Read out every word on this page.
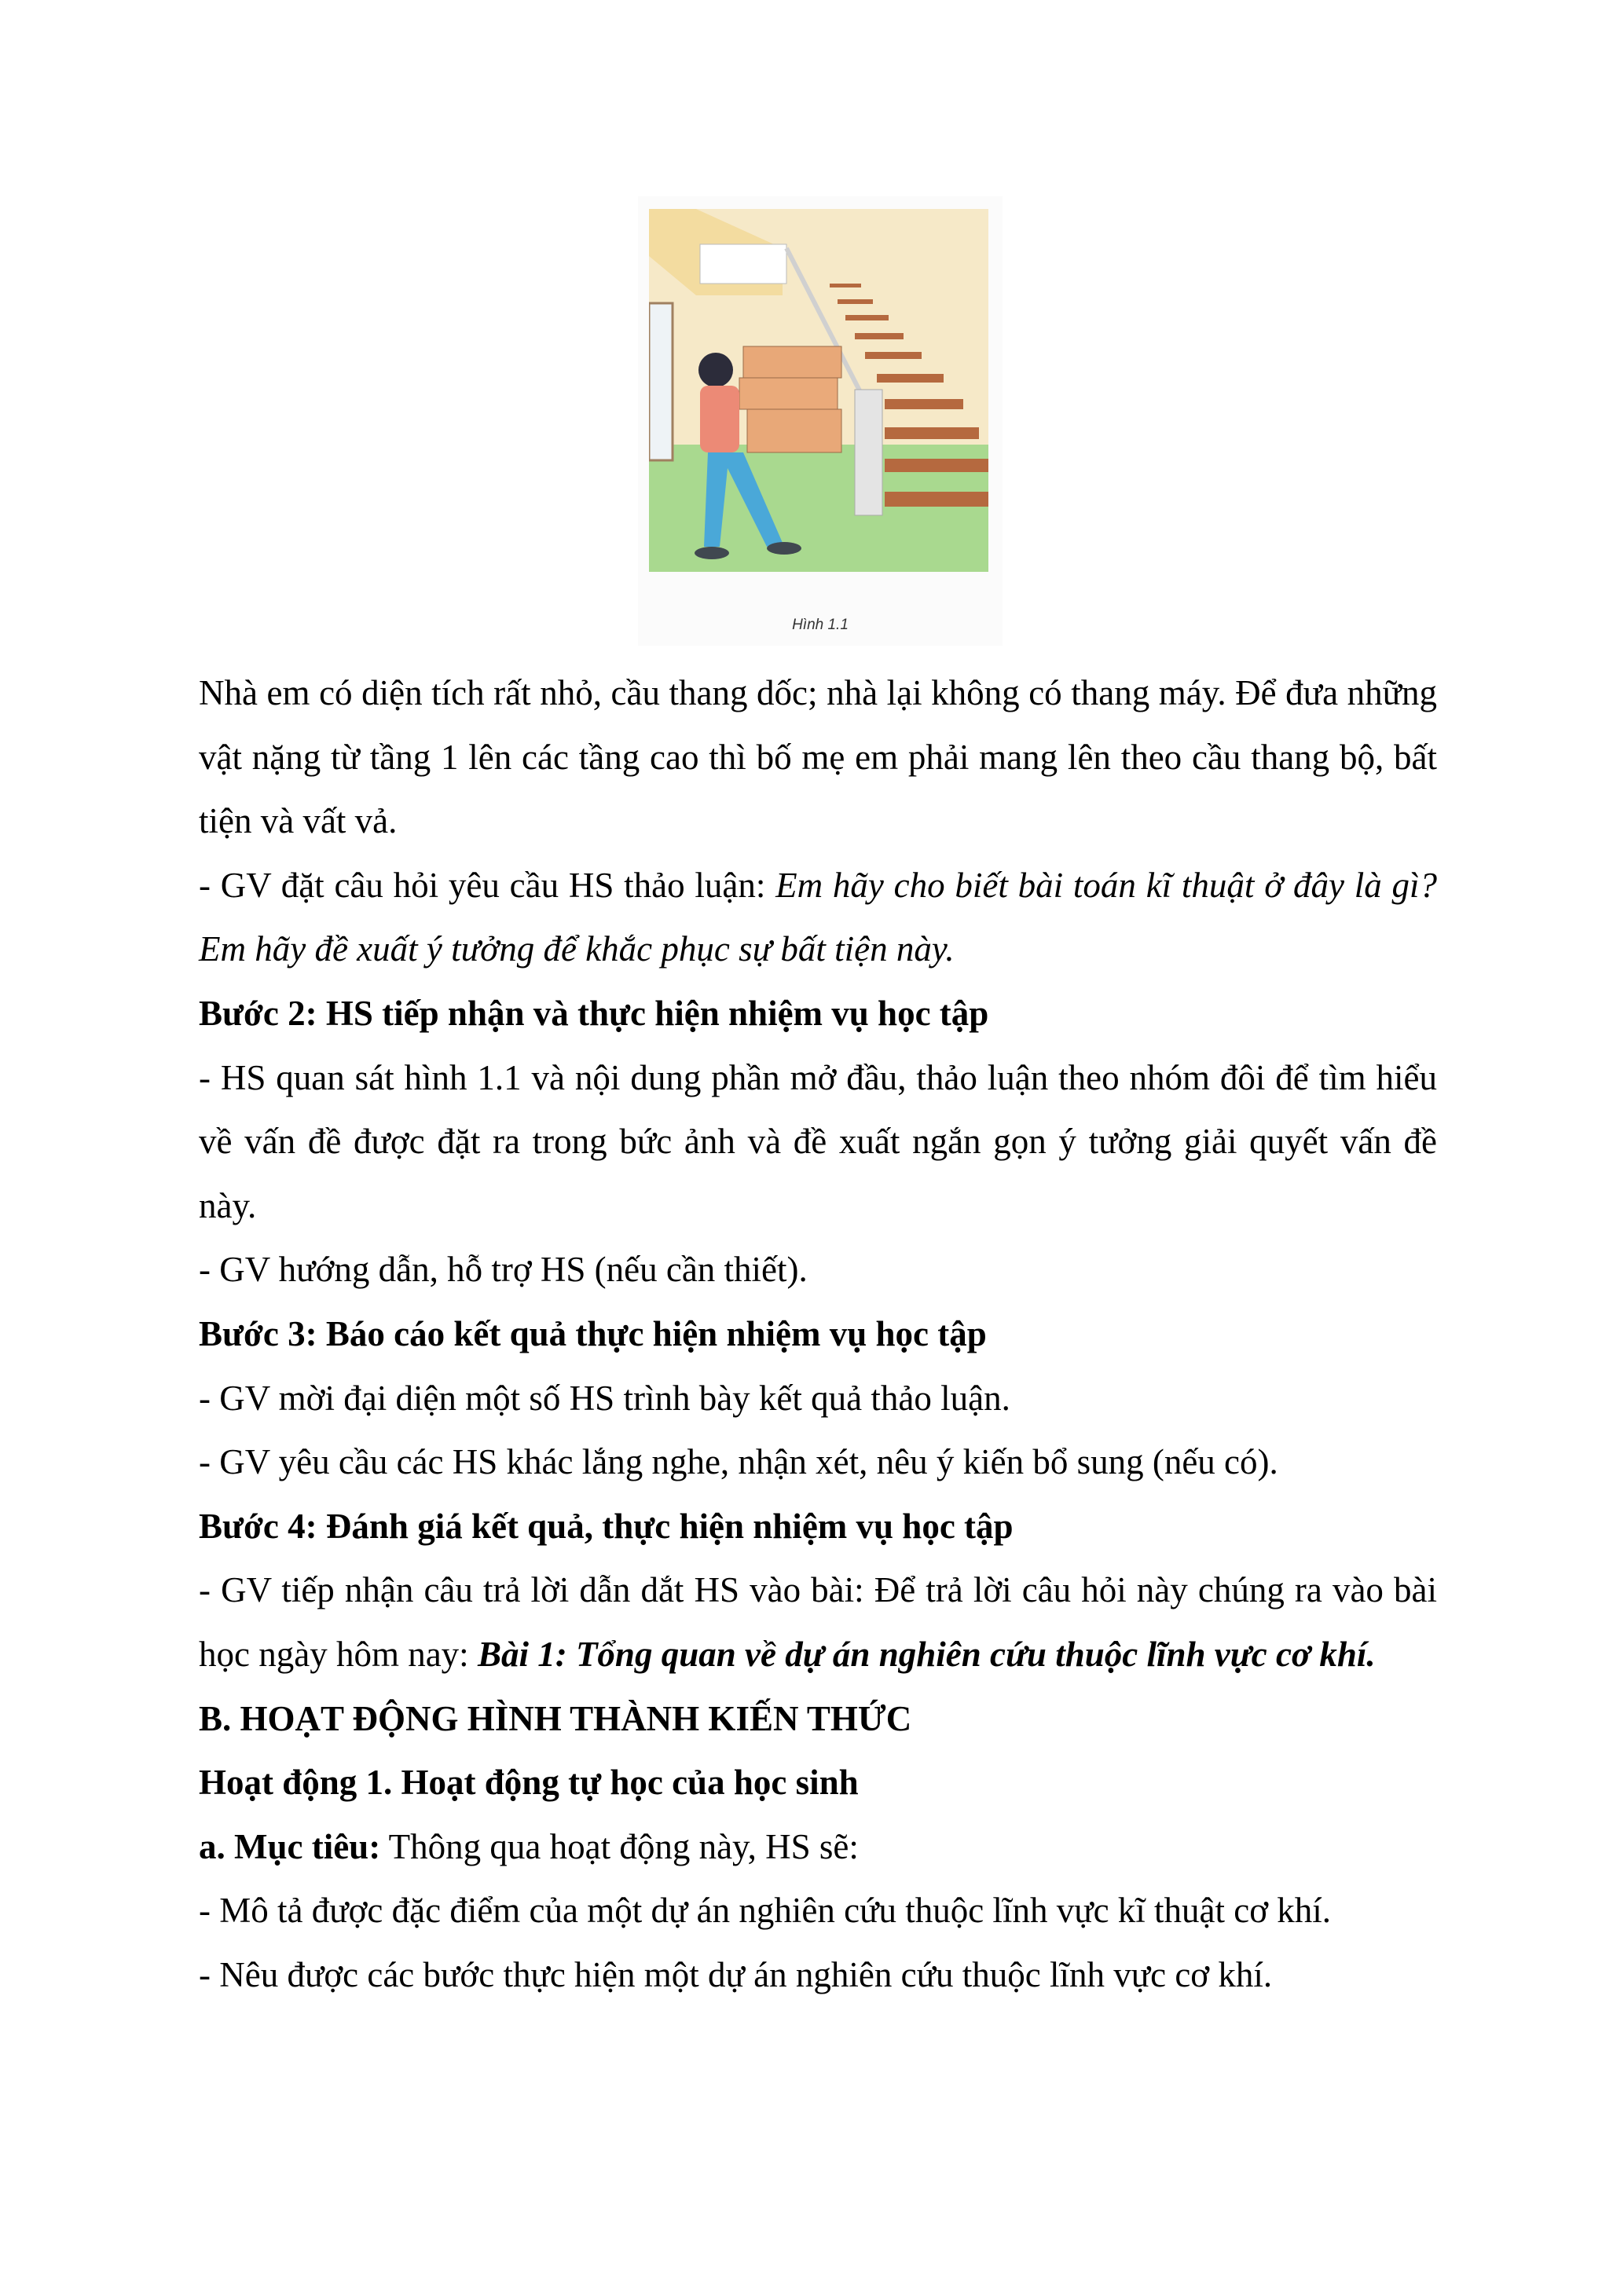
Hình 1.1

Nhà em có diện tích rất nhỏ, cầu thang dốc; nhà lại không có thang máy. Để đưa những vật nặng từ tầng 1 lên các tầng cao thì bố mẹ em phải mang lên theo cầu thang bộ, bất tiện và vất vả.

- GV đặt câu hỏi yêu cầu HS thảo luận: Em hãy cho biết bài toán kĩ thuật ở đây là gì? Em hãy đề xuất ý tưởng để khắc phục sự bất tiện này.

Bước 2: HS tiếp nhận và thực hiện nhiệm vụ học tập

- HS quan sát hình 1.1 và nội dung phần mở đầu, thảo luận theo nhóm đôi để tìm hiểu về vấn đề được đặt ra trong bức ảnh và đề xuất ngắn gọn ý tưởng giải quyết vấn đề này.

- GV hướng dẫn, hỗ trợ HS (nếu cần thiết).

Bước 3: Báo cáo kết quả thực hiện nhiệm vụ học tập

- GV mời đại diện một số HS trình bày kết quả thảo luận.

- GV yêu cầu các HS khác lắng nghe, nhận xét, nêu ý kiến bổ sung (nếu có).

Bước 4: Đánh giá kết quả, thực hiện nhiệm vụ học tập

- GV tiếp nhận câu trả lời dẫn dắt HS vào bài: Để trả lời câu hỏi này chúng ra vào bài học ngày hôm nay: Bài 1: Tổng quan về dự án nghiên cứu thuộc lĩnh vực cơ khí.

B. HOẠT ĐỘNG HÌNH THÀNH KIẾN THỨC

Hoạt động 1. Hoạt động tự học của học sinh

a. Mục tiêu: Thông qua hoạt động này, HS sẽ:

- Mô tả được đặc điểm của một dự án nghiên cứu thuộc lĩnh vực kĩ thuật cơ khí.

- Nêu được các bước thực hiện một dự án nghiên cứu thuộc lĩnh vực cơ khí.
